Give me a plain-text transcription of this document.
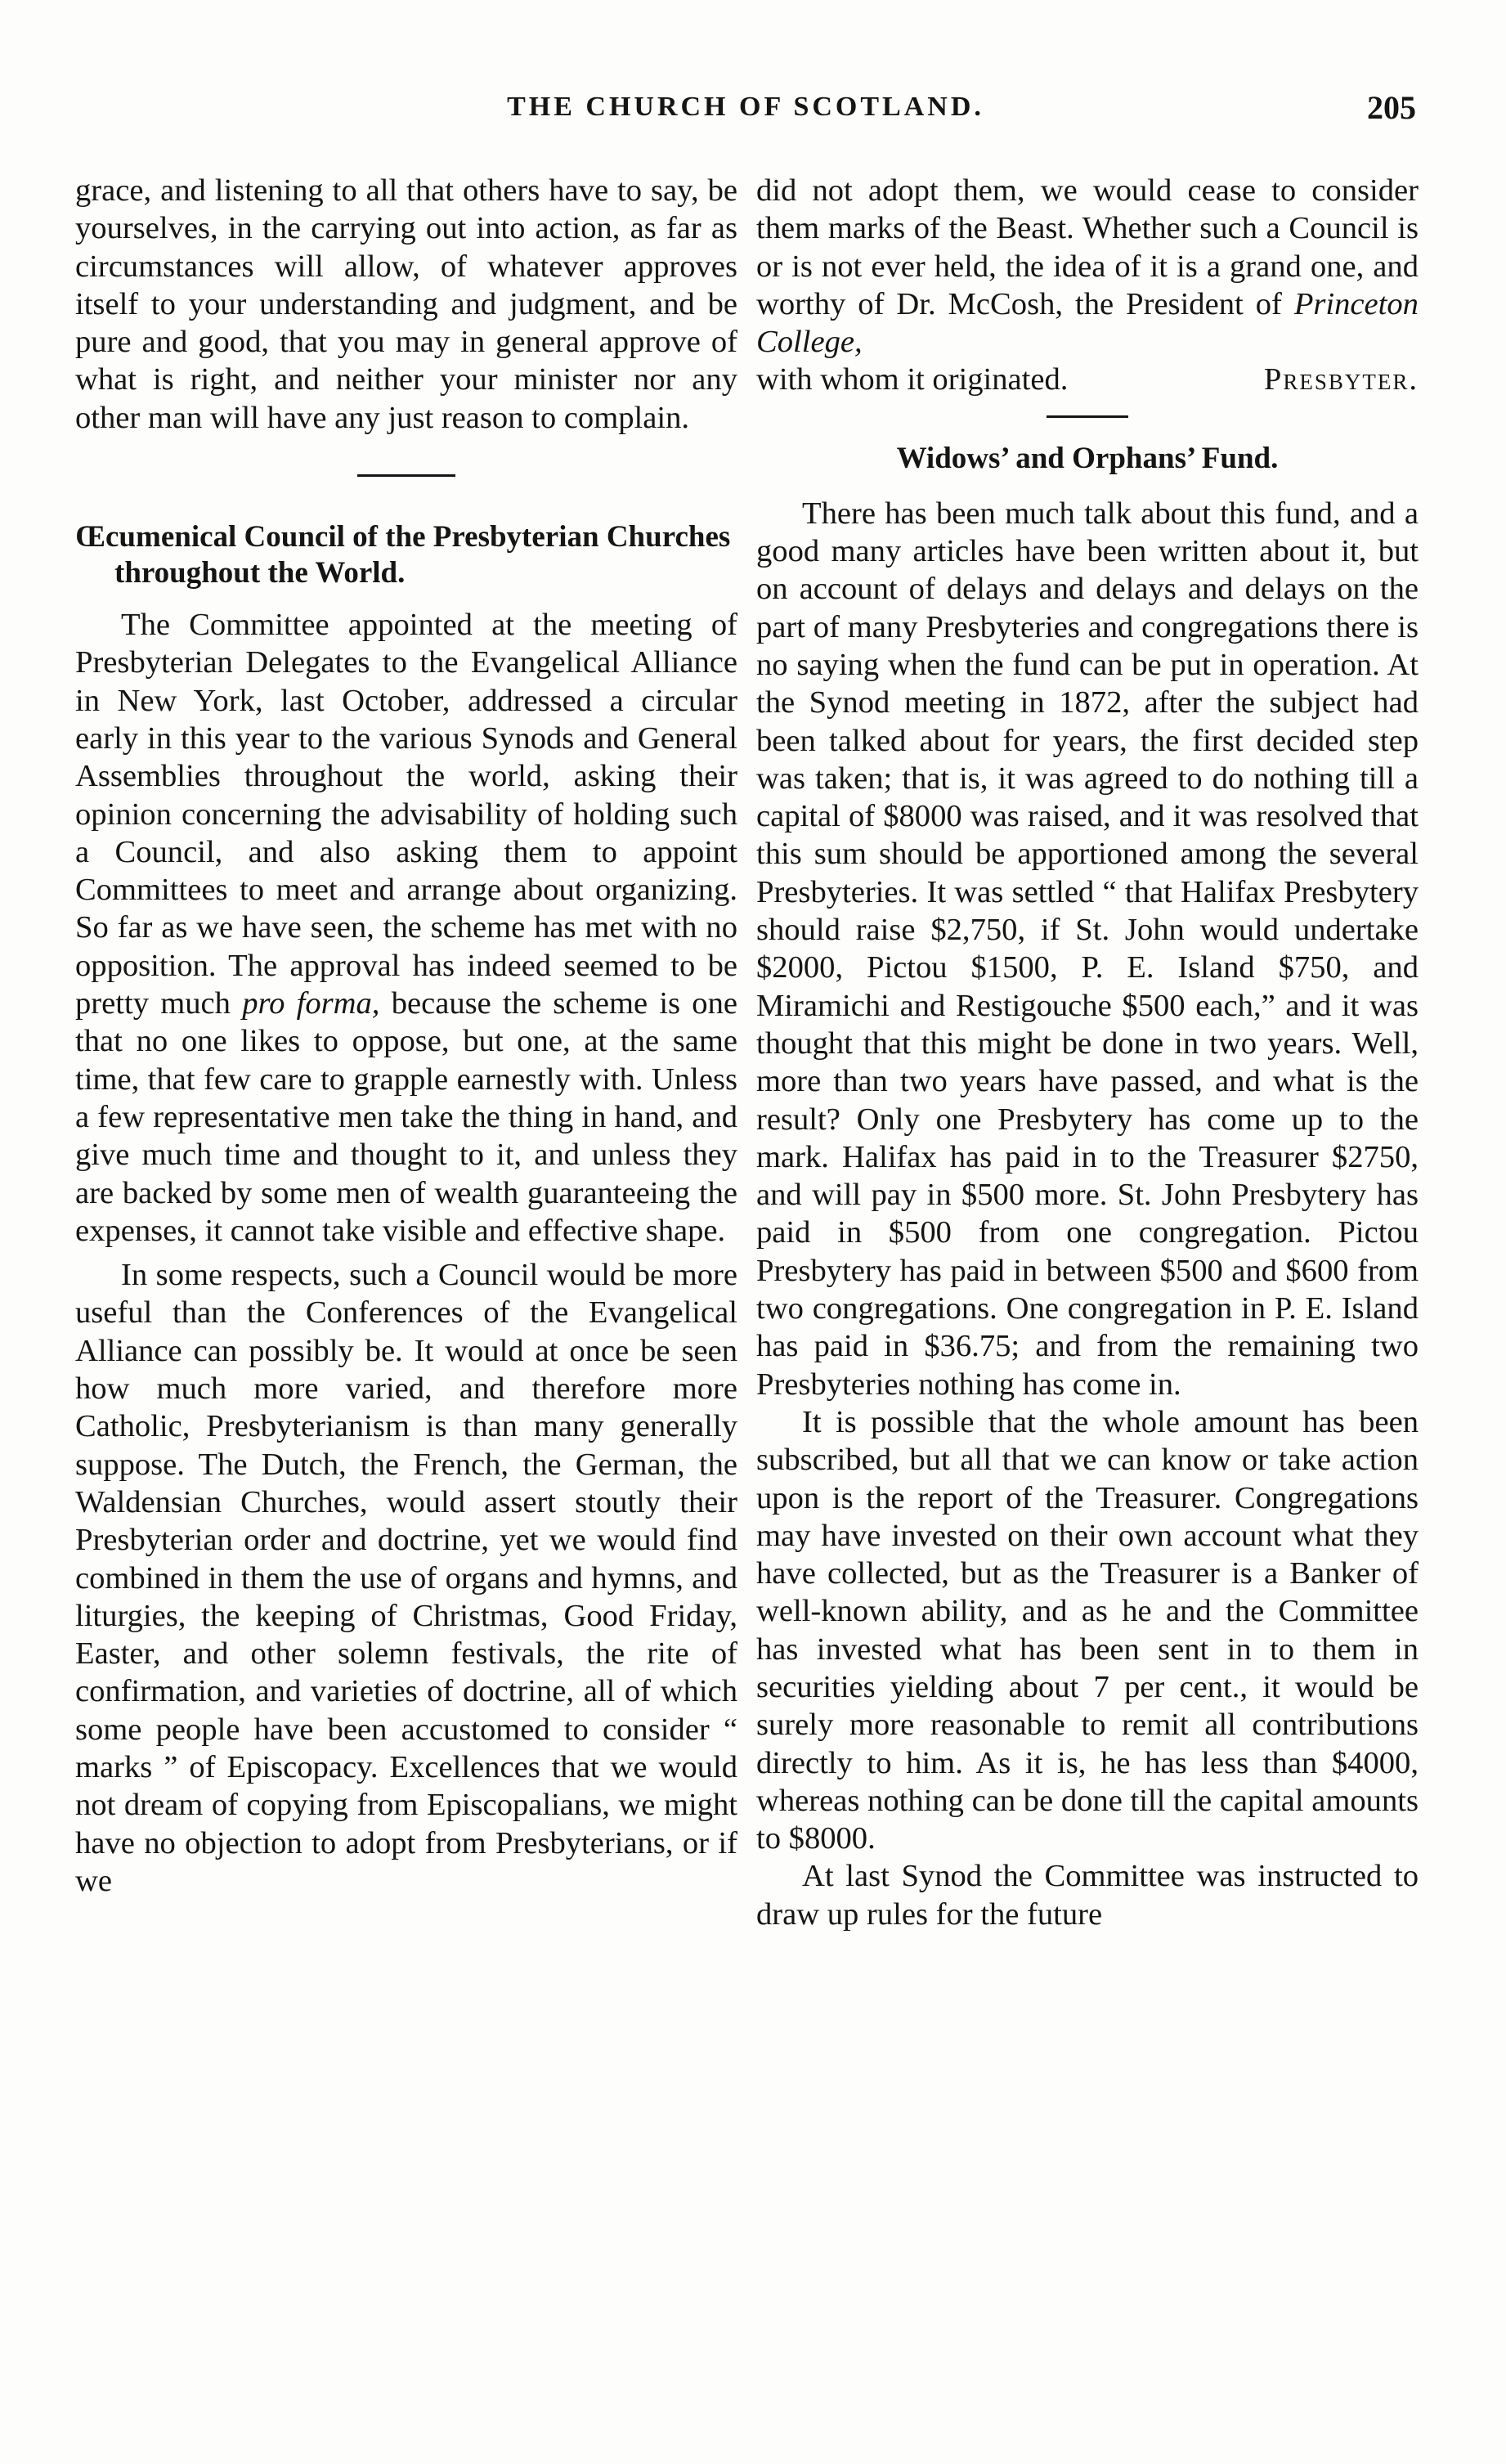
THE CHURCH OF SCOTLAND.	205

grace, and listening to all that others have to say, be yourselves, in the carrying out into action, as far as circumstances will allow, of whatever approves itself to your understanding and judgment, and be pure and good, that you may in general approve of what is right, and neither your minister nor any other man will have any just reason to complain.

Œcumenical Council of the Presbyterian Churches throughout the World.

The Committee appointed at the meeting of Presbyterian Delegates to the Evangelical Alliance in New York, last October, addressed a circular early in this year to the various Synods and General Assemblies throughout the world, asking their opinion concerning the advisability of holding such a Council, and also asking them to appoint Committees to meet and arrange about organizing. So far as we have seen, the scheme has met with no opposition. The approval has indeed seemed to be pretty much pro forma, because the scheme is one that no one likes to oppose, but one, at the same time, that few care to grapple earnestly with. Unless a few representative men take the thing in hand, and give much time and thought to it, and unless they are backed by some men of wealth guaranteeing the expenses, it cannot take visible and effective shape.

In some respects, such a Council would be more useful than the Conferences of the Evangelical Alliance can possibly be. It would at once be seen how much more varied, and therefore more Catholic, Presbyterianism is than many generally suppose. The Dutch, the French, the German, the Waldensian Churches, would assert stoutly their Presbyterian order and doctrine, yet we would find combined in them the use of organs and hymns, and liturgies, the keeping of Christmas, Good Friday, Easter, and other solemn festivals, the rite of confirmation, and varieties of doctrine, all of which some people have been accustomed to consider “ marks ” of Episcopacy. Excellences that we would not dream of copying from Episcopalians, we might have no objection to adopt from Presbyterians, or if we

did not adopt them, we would cease to consider them marks of the Beast. Whether such a Council is or is not ever held, the idea of it is a grand one, and worthy of Dr. McCosh, the President of Princeton College,

with whom it originated.	Presbyter.

Widows’ and Orphans’ Fund.

There has been much talk about this fund, and a good many articles have been written about it, but on account of delays and delays and delays on the part of many Presbyteries and congregations there is no saying when the fund can be put in operation. At the Synod meeting in 1872, after the subject had been talked about for years, the first decided step was taken; that is, it was agreed to do nothing till a capital of $8000 was raised, and it was resolved that this sum should be apportioned among the several Presbyteries. It was settled “ that Halifax Presbytery should raise $2,750, if St. John would undertake $2000, Pictou $1500, P. E. Island $750, and Miramichi and Restigouche $500 each,” and it was thought that this might be done in two years. Well, more than two years have passed, and what is the result? Only one Presbytery has come up to the mark. Halifax has paid in to the Treasurer $2750, and will pay in $500 more. St. John Presbytery has paid in $500 from one congregation. Pictou Presbytery has paid in between $500 and $600 from two congregations. One congregation in P. E. Island has paid in $36.75; and from the remaining two Presbyteries nothing has come in.

It is possible that the whole amount has been subscribed, but all that we can know or take action upon is the report of the Treasurer. Congregations may have invested on their own account what they have collected, but as the Treasurer is a Banker of well-known ability, and as he and the Committee has invested what has been sent in to them in securities yielding about 7 per cent., it would be surely more reasonable to remit all contributions directly to him. As it is, he has less than $4000, whereas nothing can be done till the capital amounts to $8000.

At last Synod the Committee was instructed to draw up rules for the future
